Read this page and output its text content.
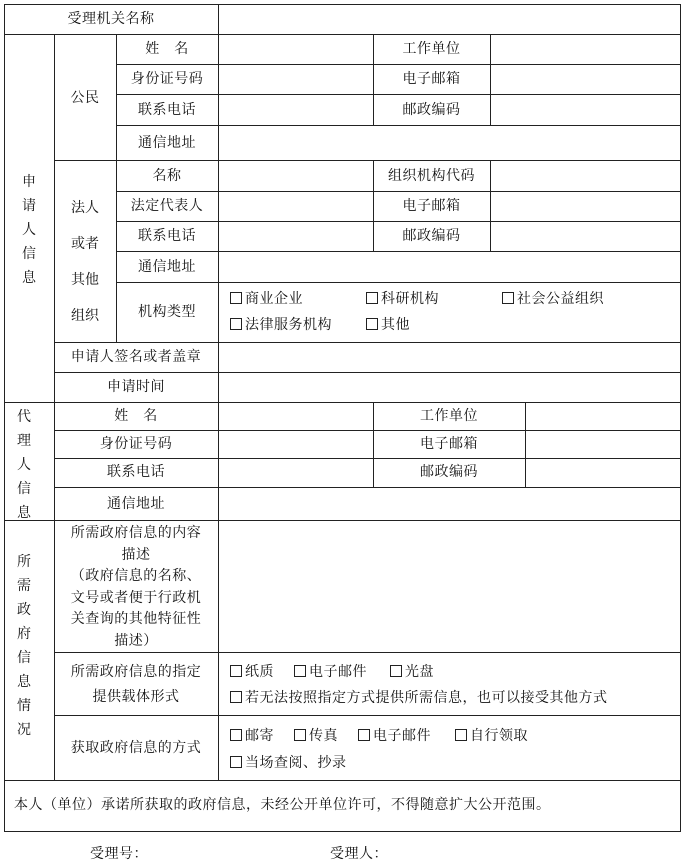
受理机关名称
申
请
人
信
息
公民
姓　名	工作单位
身份证号码	电子邮箱
联系电话	邮政编码
通信地址
法人
或者
其他
组织
名称	组织机构代码
法定代表人	电子邮箱
联系电话	邮政编码
通信地址
机构类型
商业企业	科研机构	社会公益组织
法律服务机构	其他
申请人签名或者盖章
申请时间
代
理
人
信
息
姓　名	工作单位
身份证号码	电子邮箱
联系电话	邮政编码
通信地址
所
需
政
府
信
息
情
况
所需政府信息的内容
描述
（政府信息的名称、
文号或者便于行政机
关查询的其他特征性
描述）
所需政府信息的指定
提供载体形式
纸质	电子邮件	光盘
若无法按照指定方式提供所需信息，也可以接受其他方式
获取政府信息的方式
邮寄	传真	电子邮件	自行领取
当场查阅、抄录
本人（单位）承诺所获取的政府信息，未经公开单位许可，不得随意扩大公开范围。
受理号：	受理人：
